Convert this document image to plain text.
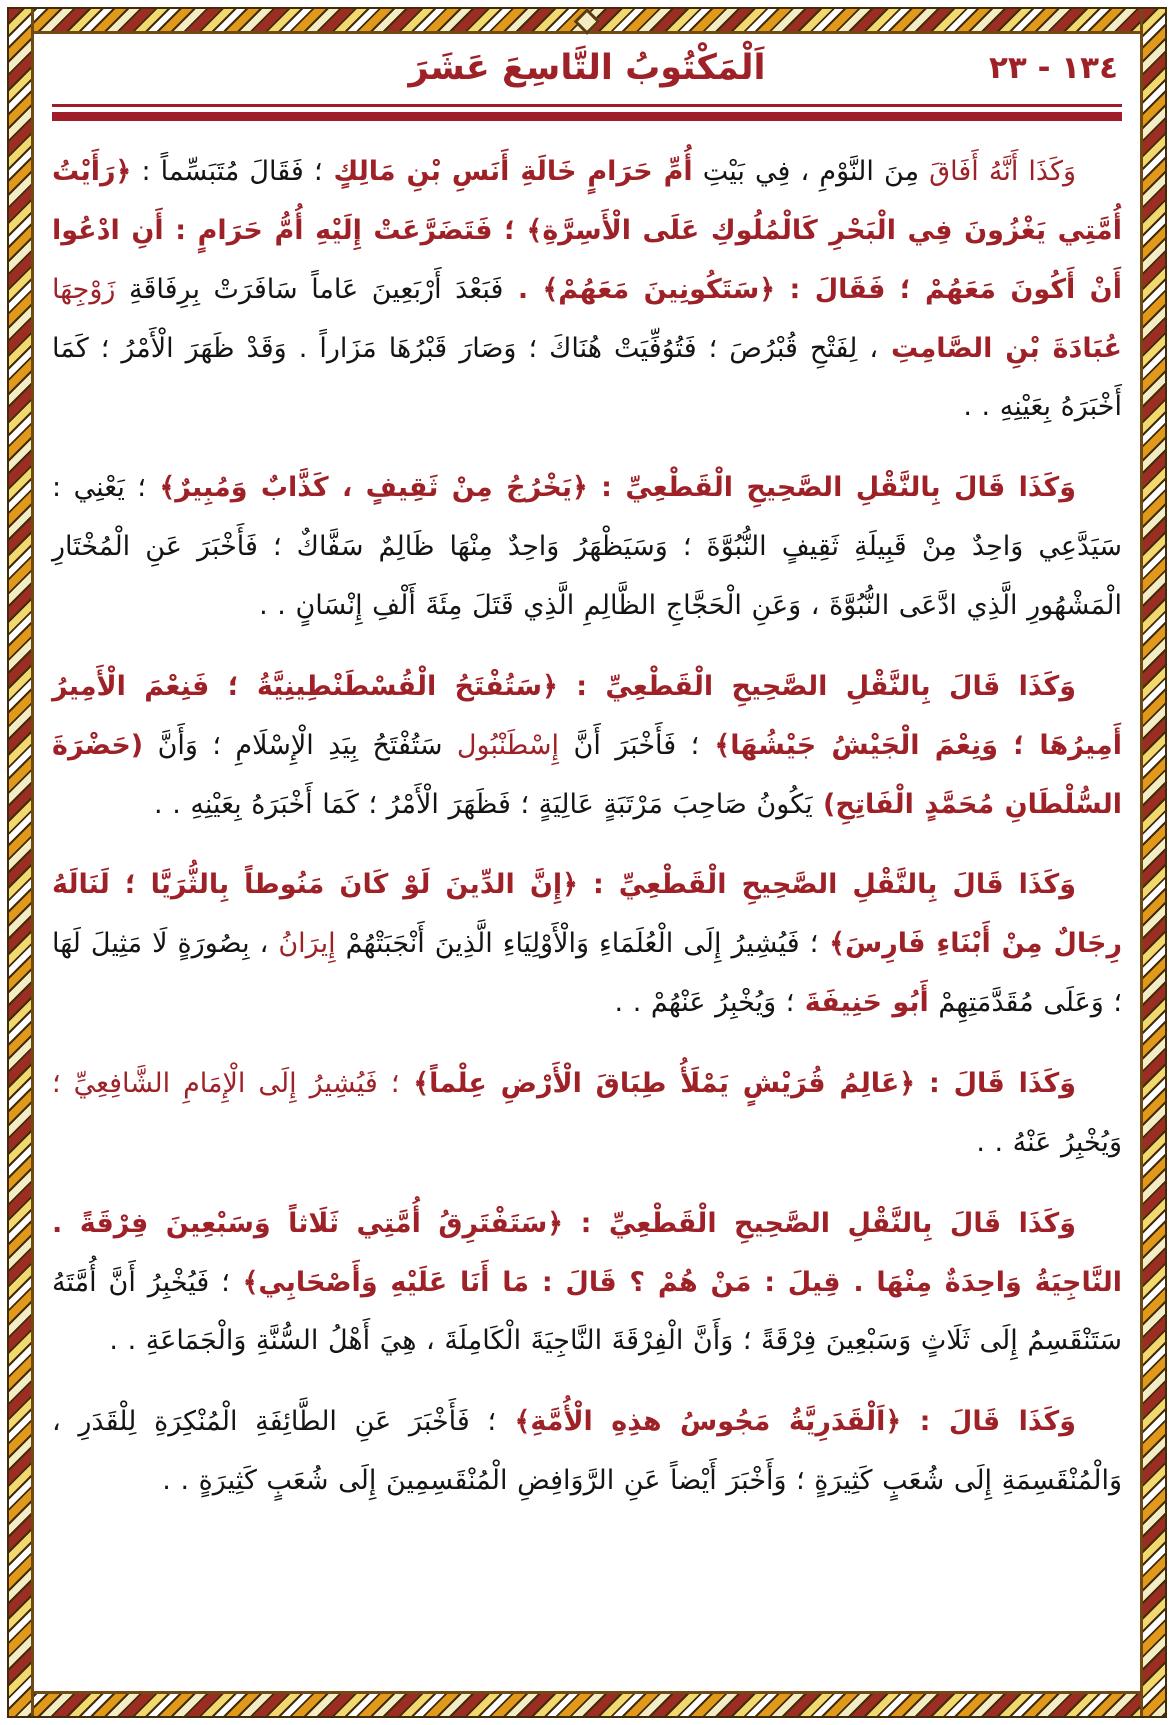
١٣٤ - ٢٣
اَلْمَكْتُوبُ التَّاسِعَ عَشَرَ

وَكَذَا أَنَّهُ أَفَاقَ مِنَ النَّوْمِ ، فِي بَيْتِ أُمِّ حَرَامٍ خَالَةِ أَنَسِ بْنِ مَالِكٍ ؛ فَقَالَ مُتَبَسِّماً : ﴿رَأَيْتُ أُمَّتِي يَغْزُونَ فِي الْبَحْرِ كَالْمُلُوكِ عَلَى الْأَسِرَّةِ﴾ ؛ فَتَضَرَّعَتْ إِلَيْهِ أُمُّ حَرَامٍ : أَنِ ادْعُوا أَنْ أَكُونَ مَعَهُمْ ؛ فَقَالَ : ﴿سَتَكُونِينَ مَعَهُمْ﴾ . فَبَعْدَ أَرْبَعِينَ عَاماً سَافَرَتْ بِرِفَاقَةِ زَوْجِهَا عُبَادَةَ بْنِ الصَّامِتِ ، لِفَتْحِ قُبْرُصَ ؛ فَتُوُفِّيَتْ هُنَاكَ ؛ وَصَارَ قَبْرُهَا مَزَاراً . وَقَدْ ظَهَرَ الْأَمْرُ ؛ كَمَا أَخْبَرَهُ بِعَيْنِهِ . .

وَكَذَا قَالَ بِالنَّقْلِ الصَّحِيحِ الْقَطْعِيِّ : ﴿يَخْرُجُ مِنْ ثَقِيفٍ ، كَذَّابٌ وَمُبِيرٌ﴾ ؛ يَعْنِي : سَيَدَّعِي وَاحِدٌ مِنْ قَبِيلَةِ ثَقِيفٍ النُّبُوَّةَ ؛ وَسَيَظْهَرُ وَاحِدٌ مِنْهَا ظَالِمٌ سَفَّاكٌ ؛ فَأَخْبَرَ عَنِ الْمُخْتَارِ الْمَشْهُورِ الَّذِي ادَّعَى النُّبُوَّةَ ، وَعَنِ الْحَجَّاجِ الظَّالِمِ الَّذِي قَتَلَ مِئَةَ أَلْفِ إِنْسَانٍ . .

وَكَذَا قَالَ بِالنَّقْلِ الصَّحِيحِ الْقَطْعِيِّ : ﴿سَتُفْتَحُ الْقُسْطَنْطِينِيَّةُ ؛ فَنِعْمَ الْأَمِيرُ أَمِيرُهَا ؛ وَنِعْمَ الْجَيْشُ جَيْشُهَا﴾ ؛ فَأَخْبَرَ أَنَّ إِسْطَنْبُول سَتُفْتَحُ بِيَدِ الْإِسْلَامِ ؛ وَأَنَّ (حَضْرَةَ السُّلْطَانِ مُحَمَّدٍ الْفَاتِحِ) يَكُونُ صَاحِبَ مَرْتَبَةٍ عَالِيَةٍ ؛ فَظَهَرَ الْأَمْرُ ؛ كَمَا أَخْبَرَهُ بِعَيْنِهِ . .

وَكَذَا قَالَ بِالنَّقْلِ الصَّحِيحِ الْقَطْعِيِّ : ﴿إِنَّ الدِّينَ لَوْ كَانَ مَنُوطاً بِالثُّرَيَّا ؛ لَنَالَهُ رِجَالٌ مِنْ أَبْنَاءِ فَارِسَ﴾ ؛ فَيُشِيرُ إِلَى الْعُلَمَاءِ وَالْأَوْلِيَاءِ الَّذِينَ أَنْجَبَتْهُمْ إِيرَانُ ، بِصُورَةٍ لَا مَثِيلَ لَهَا ؛ وَعَلَى مُقَدَّمَتِهِمْ أَبُو حَنِيفَةَ ؛ وَيُخْبِرُ عَنْهُمْ . .

وَكَذَا قَالَ : ﴿عَالِمُ قُرَيْشٍ يَمْلَأُ طِبَاقَ الْأَرْضِ عِلْماً﴾ ؛ فَيُشِيرُ إِلَى الْإِمَامِ الشَّافِعِيِّ ؛ وَيُخْبِرُ عَنْهُ . .

وَكَذَا قَالَ بِالنَّقْلِ الصَّحِيحِ الْقَطْعِيِّ : ﴿سَتَفْتَرِقُ أُمَّتِي ثَلَاثاً وَسَبْعِينَ فِرْقَةً . النَّاجِيَةُ وَاحِدَةٌ مِنْهَا . قِيلَ : مَنْ هُمْ ؟ قَالَ : مَا أَنَا عَلَيْهِ وَأَصْحَابِي﴾ ؛ فَيُخْبِرُ أَنَّ أُمَّتَهُ سَتَنْقَسِمُ إِلَى ثَلَاثٍ وَسَبْعِينَ فِرْقَةً ؛ وَأَنَّ الْفِرْقَةَ النَّاجِيَةَ الْكَامِلَةَ ، هِيَ أَهْلُ السُّنَّةِ وَالْجَمَاعَةِ . .

وَكَذَا قَالَ : ﴿اَلْقَدَرِيَّةُ مَجُوسُ هذِهِ الْأُمَّةِ﴾ ؛ فَأَخْبَرَ عَنِ الطَّائِفَةِ الْمُنْكِرَةِ لِلْقَدَرِ ، وَالْمُنْقَسِمَةِ إِلَى شُعَبٍ كَثِيرَةٍ ؛ وَأَخْبَرَ أَيْضاً عَنِ الرَّوَافِضِ الْمُنْقَسِمِينَ إِلَى شُعَبٍ كَثِيرَةٍ . .
